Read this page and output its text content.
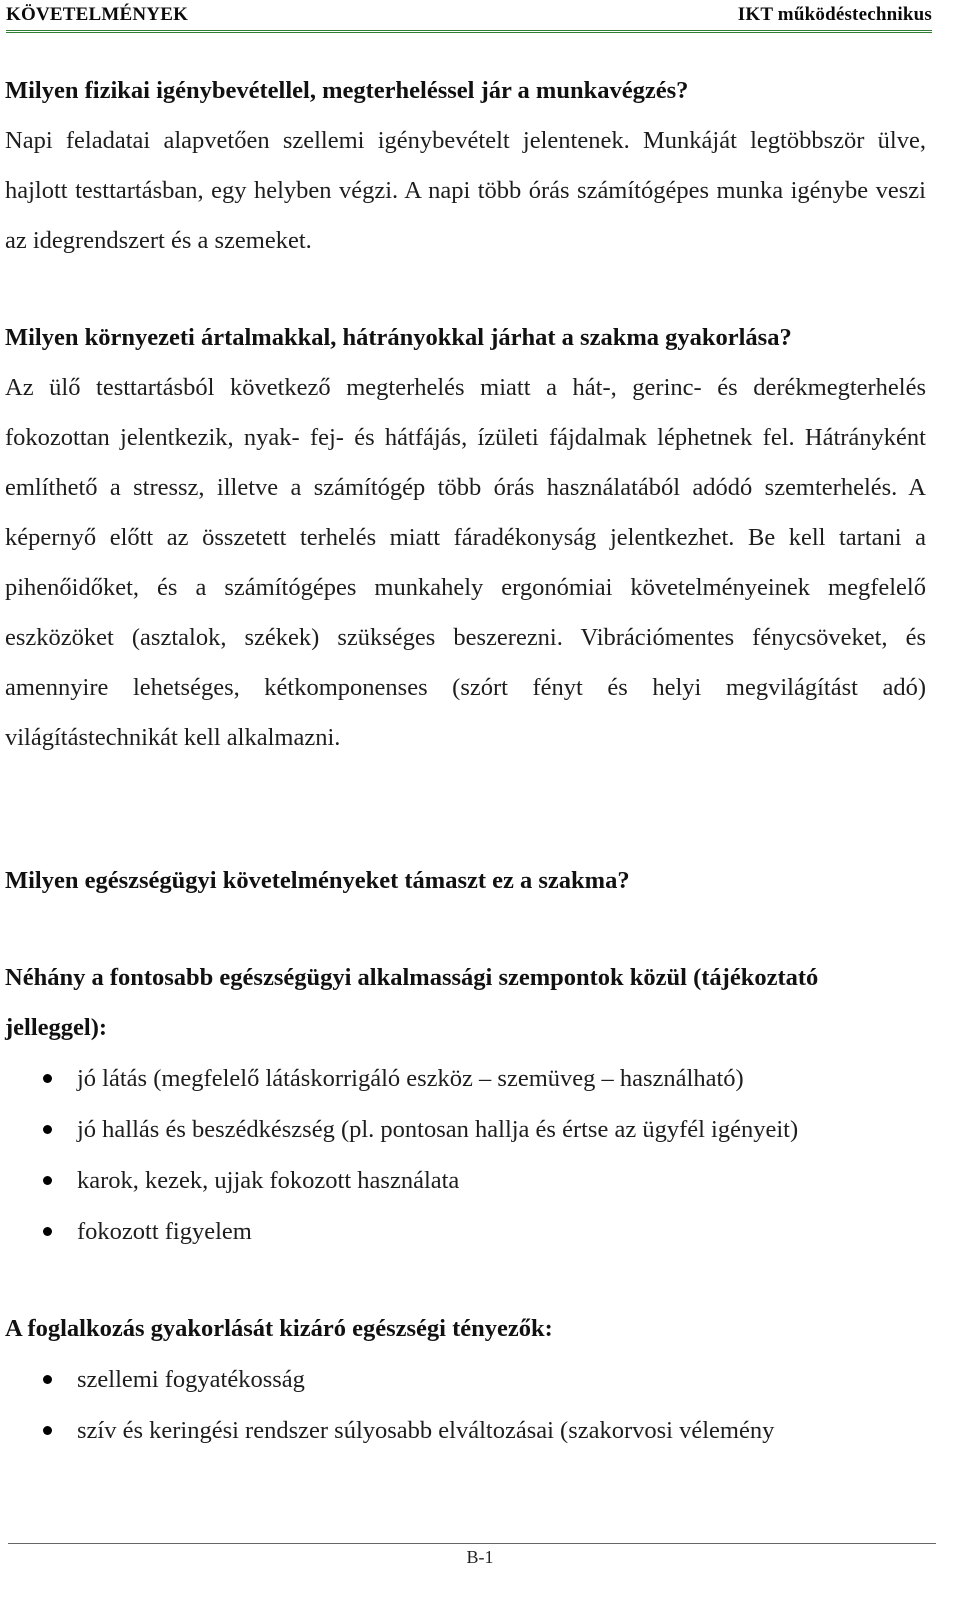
KÖVETELMÉNYEK	IKT működéstechnikus

Milyen fizikai igénybevétellel, megterheléssel jár a munkavégzés?

Napi feladatai alapvetően szellemi igénybevételt jelentenek. Munkáját legtöbbször ülve, hajlott testtartásban, egy helyben végzi. A napi több órás számítógépes munka igénybe veszi az idegrendszert és a szemeket.

Milyen környezeti ártalmakkal, hátrányokkal járhat a szakma gyakorlása?

Az ülő testtartásból következő megterhelés miatt a hát-, gerinc- és derékmegterhelés fokozottan jelentkezik, nyak- fej- és hátfájás, ízületi fájdalmak léphetnek fel. Hátrányként említhető a stressz, illetve a számítógép több órás használatából adódó szemterhelés. A képernyő előtt az összetett terhelés miatt fáradékonyság jelentkezhet. Be kell tartani a pihenőidőket, és a számítógépes munkahely ergonómiai követelményeinek megfelelő eszközöket (asztalok, székek) szükséges beszerezni. Vibrációmentes fénycsöveket, és amennyire lehetséges, kétkomponenses (szórt fényt és helyi megvilágítást adó) világítástechnikát kell alkalmazni.

Milyen egészségügyi követelményeket támaszt ez a szakma?

Néhány a fontosabb egészségügyi alkalmassági szempontok közül (tájékoztató jelleggel):

jó látás (megfelelő látáskorrigáló eszköz – szemüveg – használható)
jó hallás és beszédkészség (pl. pontosan hallja és értse az ügyfél igényeit)
karok, kezek, ujjak fokozott használata
fokozott figyelem

A foglalkozás gyakorlását kizáró egészségi tényezők:

szellemi fogyatékosság
szív és keringési rendszer súlyosabb elváltozásai (szakorvosi vélemény
B-1
